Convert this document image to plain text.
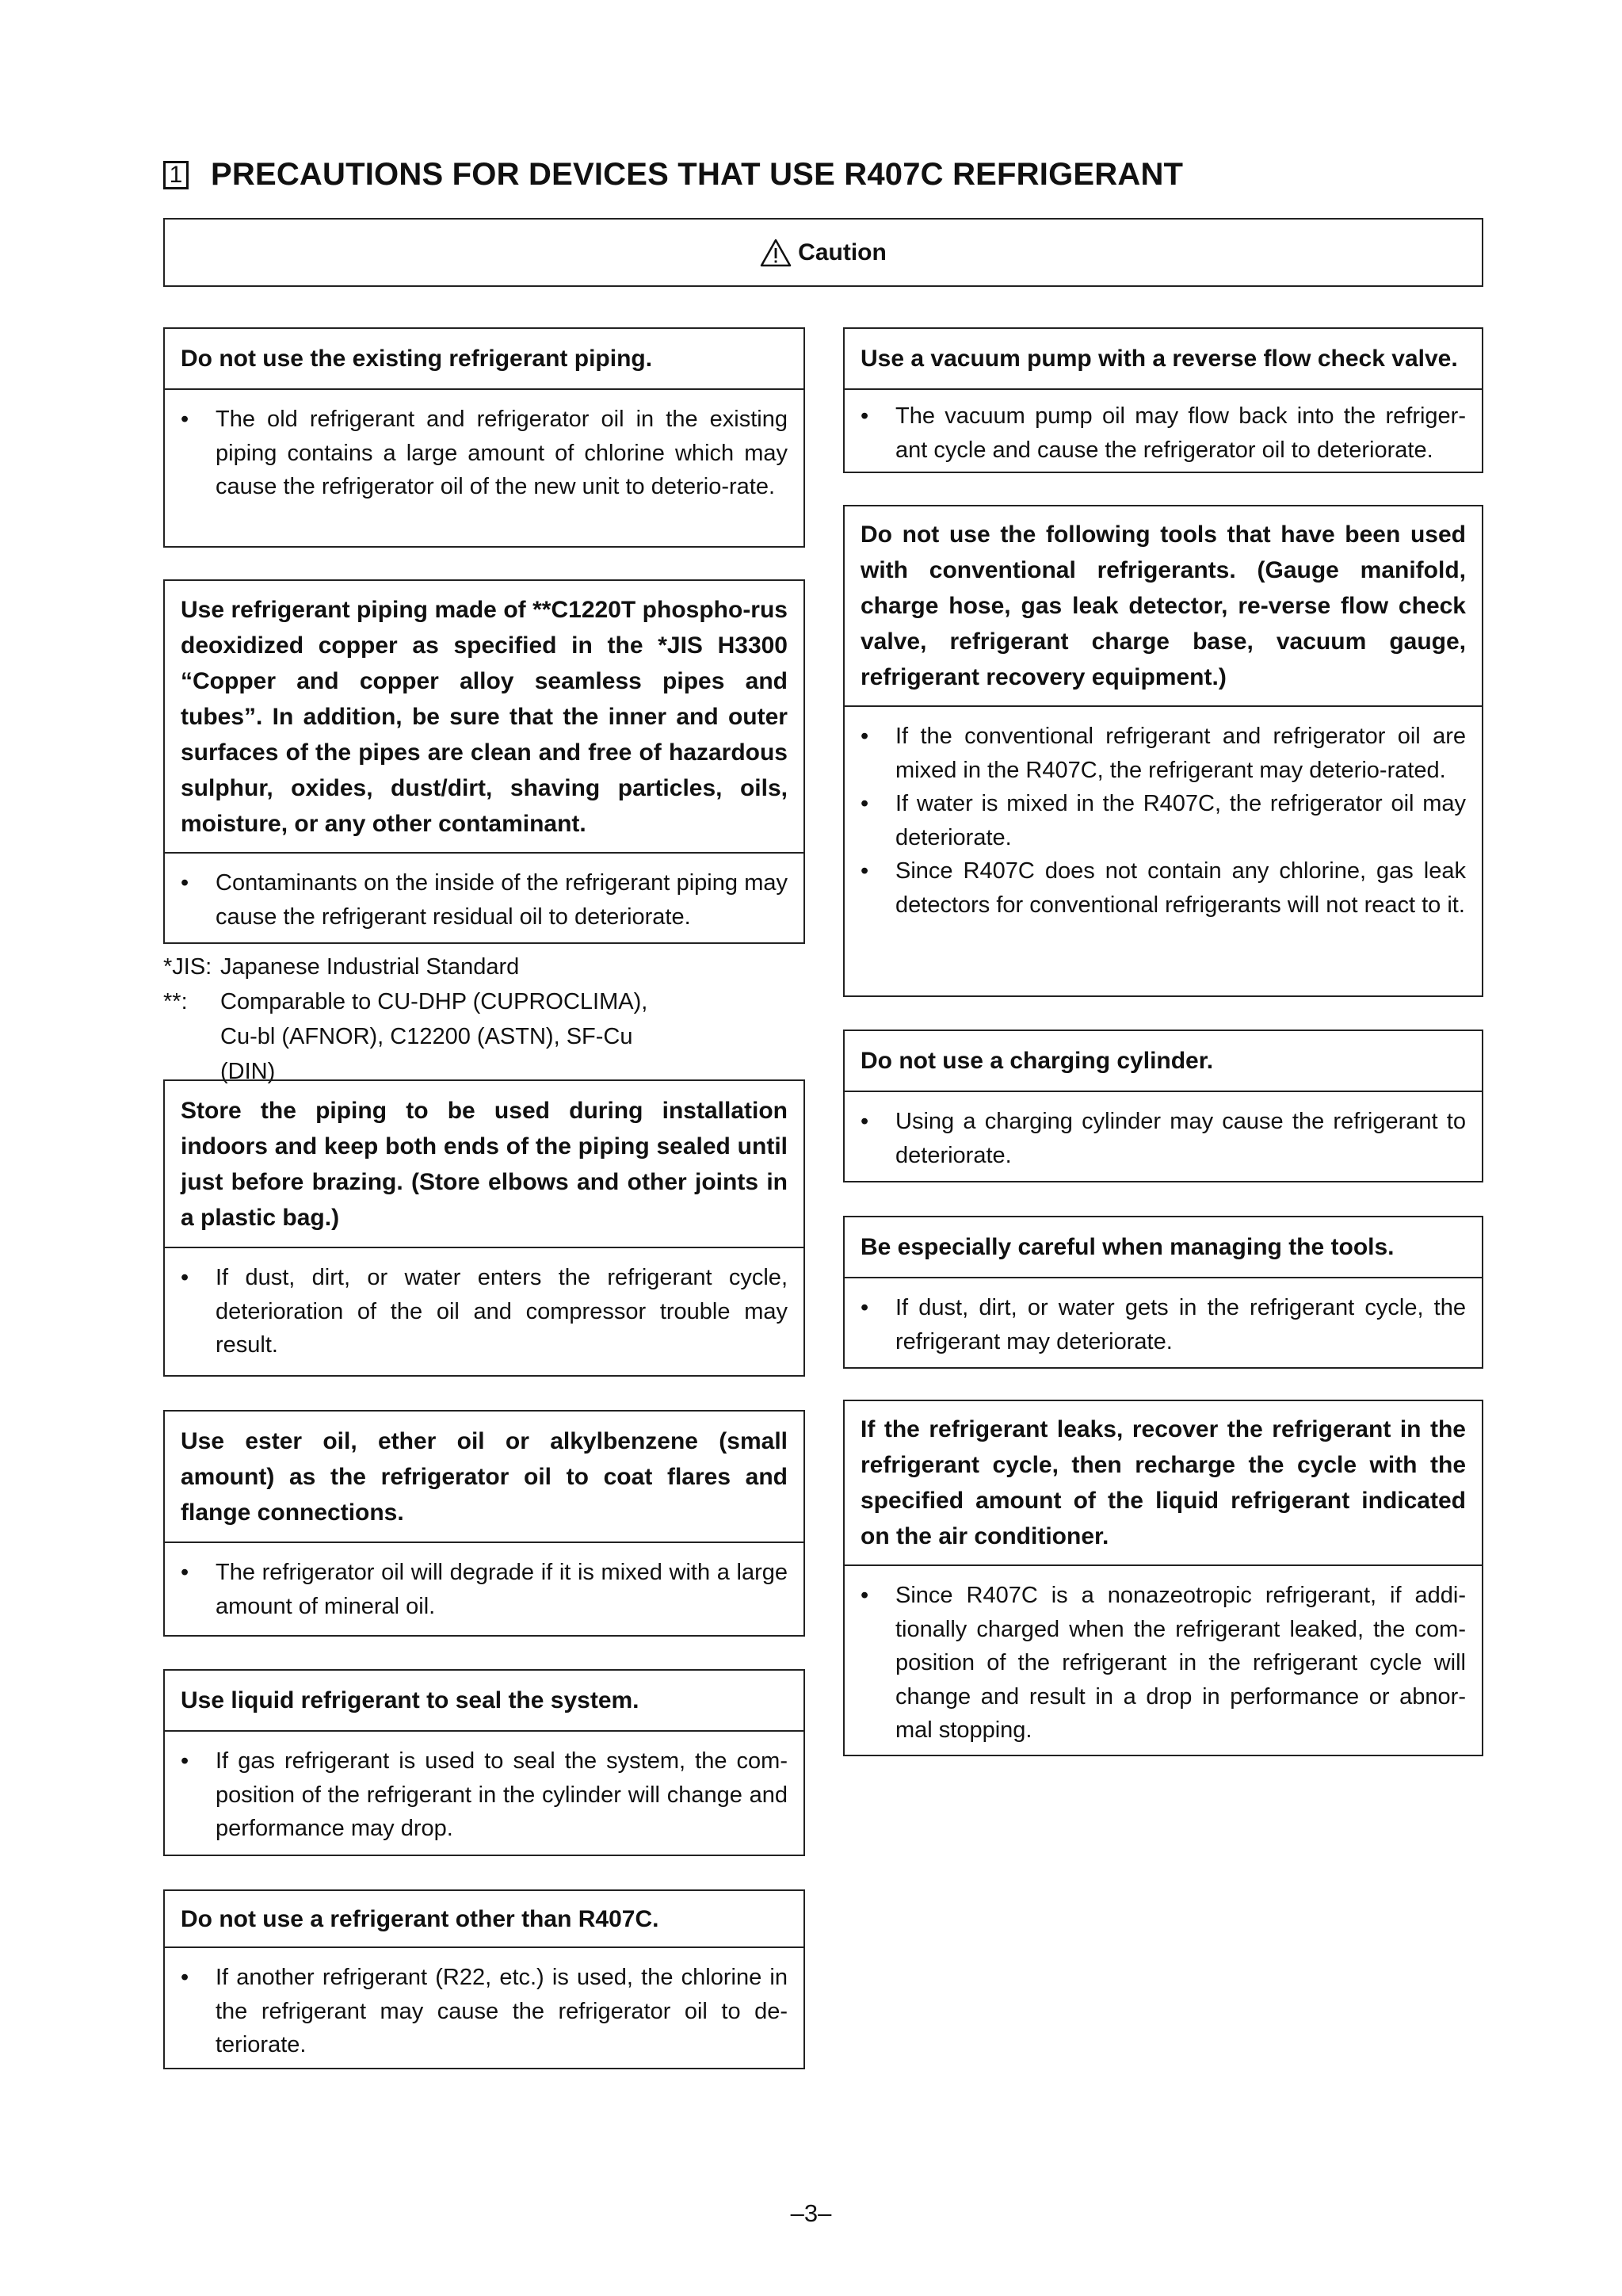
1 PRECAUTIONS FOR DEVICES THAT USE R407C REFRIGERANT
Caution
Do not use the existing refrigerant piping.
•	The old refrigerant and refrigerator oil in the existing piping contains a large amount of chlorine which may cause the refrigerator oil of the new unit to deterio-rate.
Use refrigerant piping made of **C1220T phospho-rus deoxidized copper as specified in the *JIS H3300 “Copper and copper alloy seamless pipes and tubes”. In addition, be sure that the inner and outer surfaces of the pipes are clean and free of hazardous sulphur, oxides, dust/dirt, shaving particles, oils, moisture, or any other contaminant.
•	Contaminants on the inside of the refrigerant piping may cause the refrigerant residual oil to deteriorate.
*JIS: Japanese Industrial Standard
**:	Comparable to CU-DHP (CUPROCLIMA), Cu-bl (AFNOR), C12200 (ASTN), SF-Cu (DIN)
Store the piping to be used during installation indoors and keep both ends of the piping sealed until just before brazing. (Store elbows and other joints in a plastic bag.)
•	If dust, dirt, or water enters the refrigerant cycle, deterioration of the oil and compressor trouble may result.
Use ester oil, ether oil or alkylbenzene (small amount) as the refrigerator oil to coat flares and flange connections.
•	The refrigerator oil will degrade if it is mixed with a large amount of mineral oil.
Use liquid refrigerant to seal the system.
•	If gas refrigerant is used to seal the system, the com-position of the refrigerant in the cylinder will change and performance may drop.
Do not use a refrigerant other than R407C.
•	If another refrigerant (R22, etc.) is used, the chlorine in the refrigerant may cause the refrigerator oil to de-teriorate.
Use a vacuum pump with a reverse flow check valve.
•	The vacuum pump oil may flow back into the refriger-ant cycle and cause the refrigerator oil to deteriorate.
Do not use the following tools that have been used with conventional refrigerants. (Gauge manifold, charge hose, gas leak detector, re-verse flow check valve, refrigerant charge base, vacuum gauge, refrigerant recovery equipment.)
•	If the conventional refrigerant and refrigerator oil are mixed in the R407C, the refrigerant may deterio-rated.
•	If water is mixed in the R407C, the refrigerator oil may deteriorate.
•	Since R407C does not contain any chlorine, gas leak detectors for conventional refrigerants will not react to it.
Do not use a charging cylinder.
•	Using a charging cylinder may cause the refrigerant to deteriorate.
Be especially careful when managing the tools.
•	If dust, dirt, or water gets in the refrigerant cycle, the refrigerant may deteriorate.
If the refrigerant leaks, recover the refrigerant in the refrigerant cycle, then recharge the cycle with the specified amount of the liquid refrigerant indicated on the air conditioner.
•	Since R407C is a nonazeotropic refrigerant, if addi-tionally charged when the refrigerant leaked, the com-position of the refrigerant in the refrigerant cycle will change and result in a drop in performance or abnor-mal stopping.
–3–
